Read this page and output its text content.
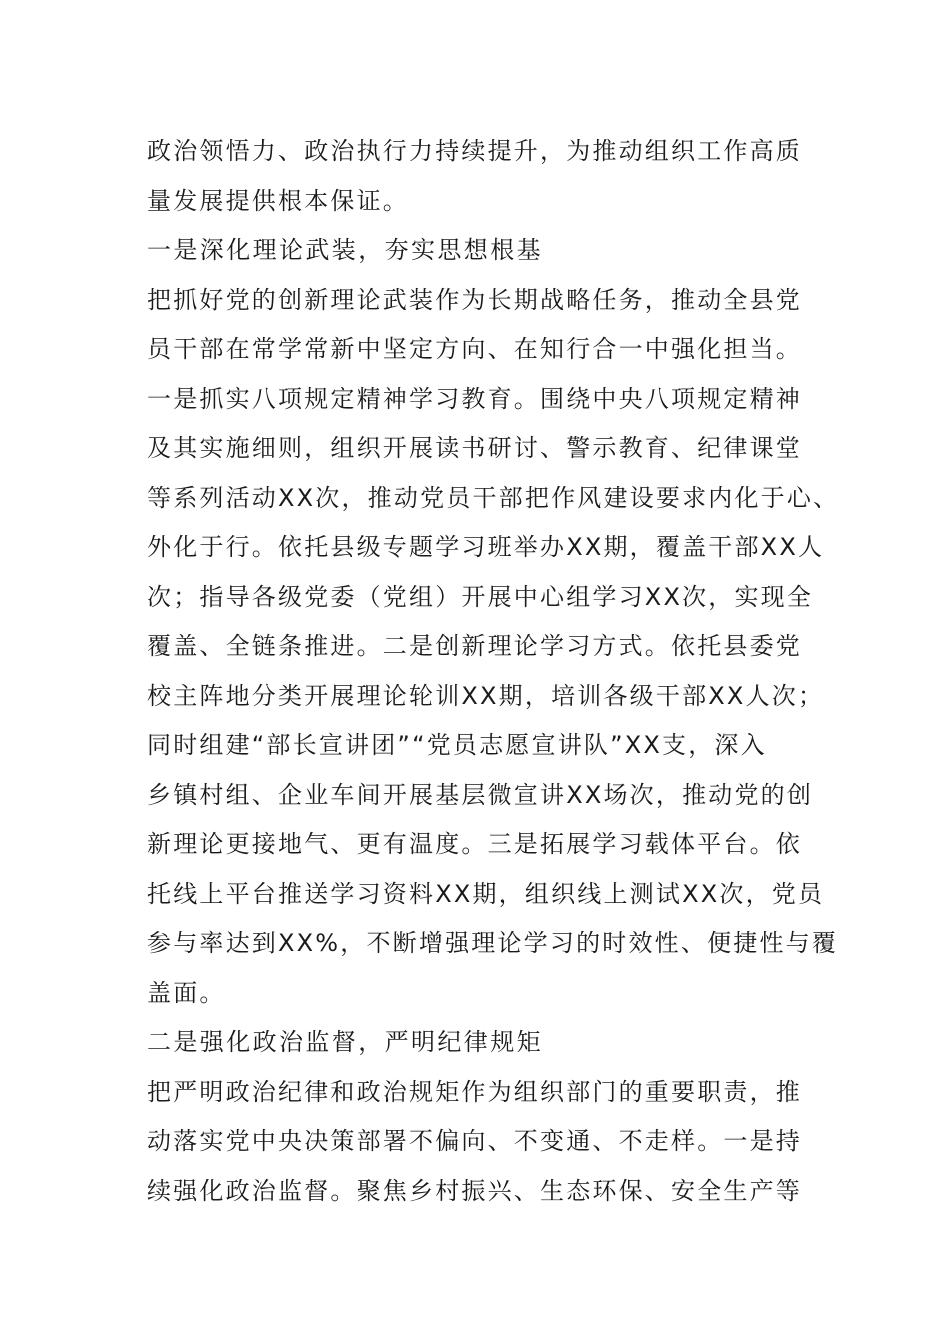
政治领悟力、政治执行力持续提升，为推动组织工作高质
量发展提供根本保证。
一是深化理论武装，夯实思想根基
把抓好党的创新理论武装作为长期战略任务，推动全县党
员干部在常学常新中坚定方向、在知行合一中强化担当。
一是抓实八项规定精神学习教育。围绕中央八项规定精神
及其实施细则，组织开展读书研讨、警示教育、纪律课堂
等系列活动XX次，推动党员干部把作风建设要求内化于心、
外化于行。依托县级专题学习班举办XX期，覆盖干部XX人
次；指导各级党委（党组）开展中心组学习XX次，实现全
覆盖、全链条推进。二是创新理论学习方式。依托县委党
校主阵地分类开展理论轮训XX期，培训各级干部XX人次；
同时组建“部长宣讲团”“党员志愿宣讲队”XX支，深入
乡镇村组、企业车间开展基层微宣讲XX场次，推动党的创
新理论更接地气、更有温度。三是拓展学习载体平台。依
托线上平台推送学习资料XX期，组织线上测试XX次，党员
参与率达到XX%，不断增强理论学习的时效性、便捷性与覆
盖面。
二是强化政治监督，严明纪律规矩
把严明政治纪律和政治规矩作为组织部门的重要职责，推
动落实党中央决策部署不偏向、不变通、不走样。一是持
续强化政治监督。聚焦乡村振兴、生态环保、安全生产等
